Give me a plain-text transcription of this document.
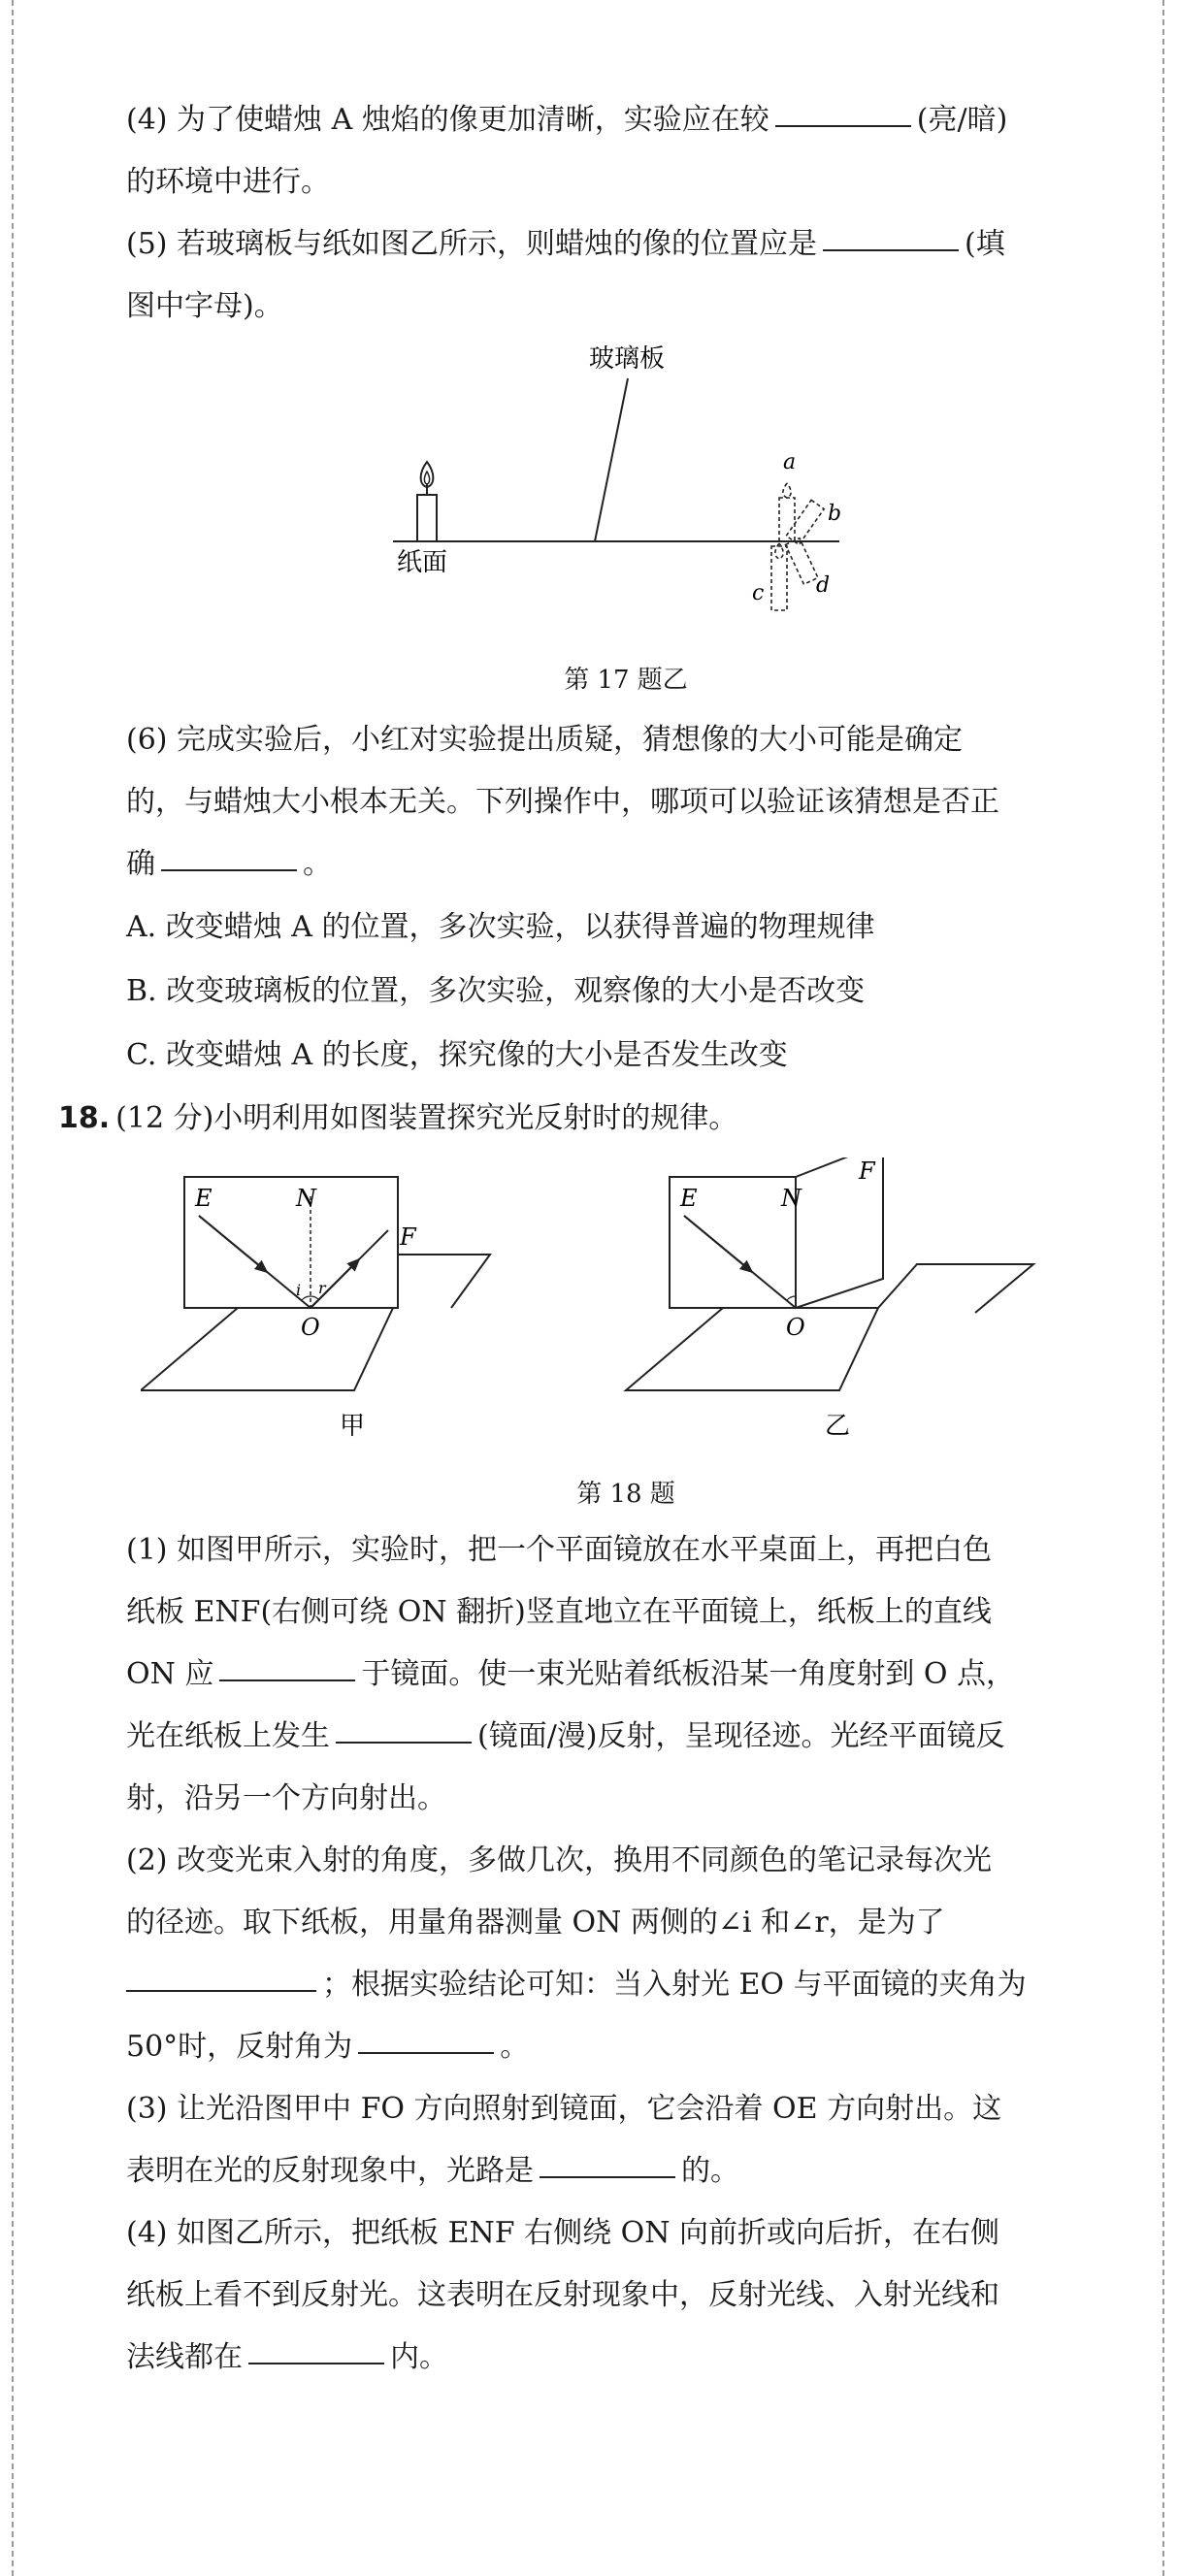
(4) 为了使蜡烛 A 烛焰的像更加清晰，实验应在较	(亮/暗)
的环境中进行。
(5) 若玻璃板与纸如图乙所示，则蜡烛的像的位置应是	(填
图中字母)。
玻璃板
纸面
a
b
c d
第 17 题乙
(6) 完成实验后，小红对实验提出质疑，猜想像的大小可能是确定
的，与蜡烛大小根本无关。下列操作中，哪项可以验证该猜想是否正
确	。
A. 改变蜡烛 A 的位置，多次实验，以获得普遍的物理规律
B. 改变玻璃板的位置，多次实验，观察像的大小是否改变
C. 改变蜡烛 A 的长度，探究像的大小是否发生改变
18. (12 分)小明利用如图装置探究光反射时的规律。
E	N
F
O
i r
甲
E	N
F
O
乙
第 18 题
(1) 如图甲所示，实验时，把一个平面镜放在水平桌面上，再把白色
纸板 ENF(右侧可绕 ON 翻折)竖直地立在平面镜上，纸板上的直线
ON 应	于镜面。使一束光贴着纸板沿某一角度射到 O 点，
光在纸板上发生	(镜面/漫)反射，呈现径迹。光经平面镜反
射，沿另一个方向射出。
(2) 改变光束入射的角度，多做几次，换用不同颜色的笔记录每次光
的径迹。取下纸板，用量角器测量 ON 两侧的∠i 和∠r，是为了
；根据实验结论可知：当入射光 EO 与平面镜的夹角为
50°时，反射角为	。
(3) 让光沿图甲中 FO 方向照射到镜面，它会沿着 OE 方向射出。这
表明在光的反射现象中，光路是	的。
(4) 如图乙所示，把纸板 ENF 右侧绕 ON 向前折或向后折，在右侧
纸板上看不到反射光。这表明在反射现象中，反射光线、入射光线和
法线都在	内。
